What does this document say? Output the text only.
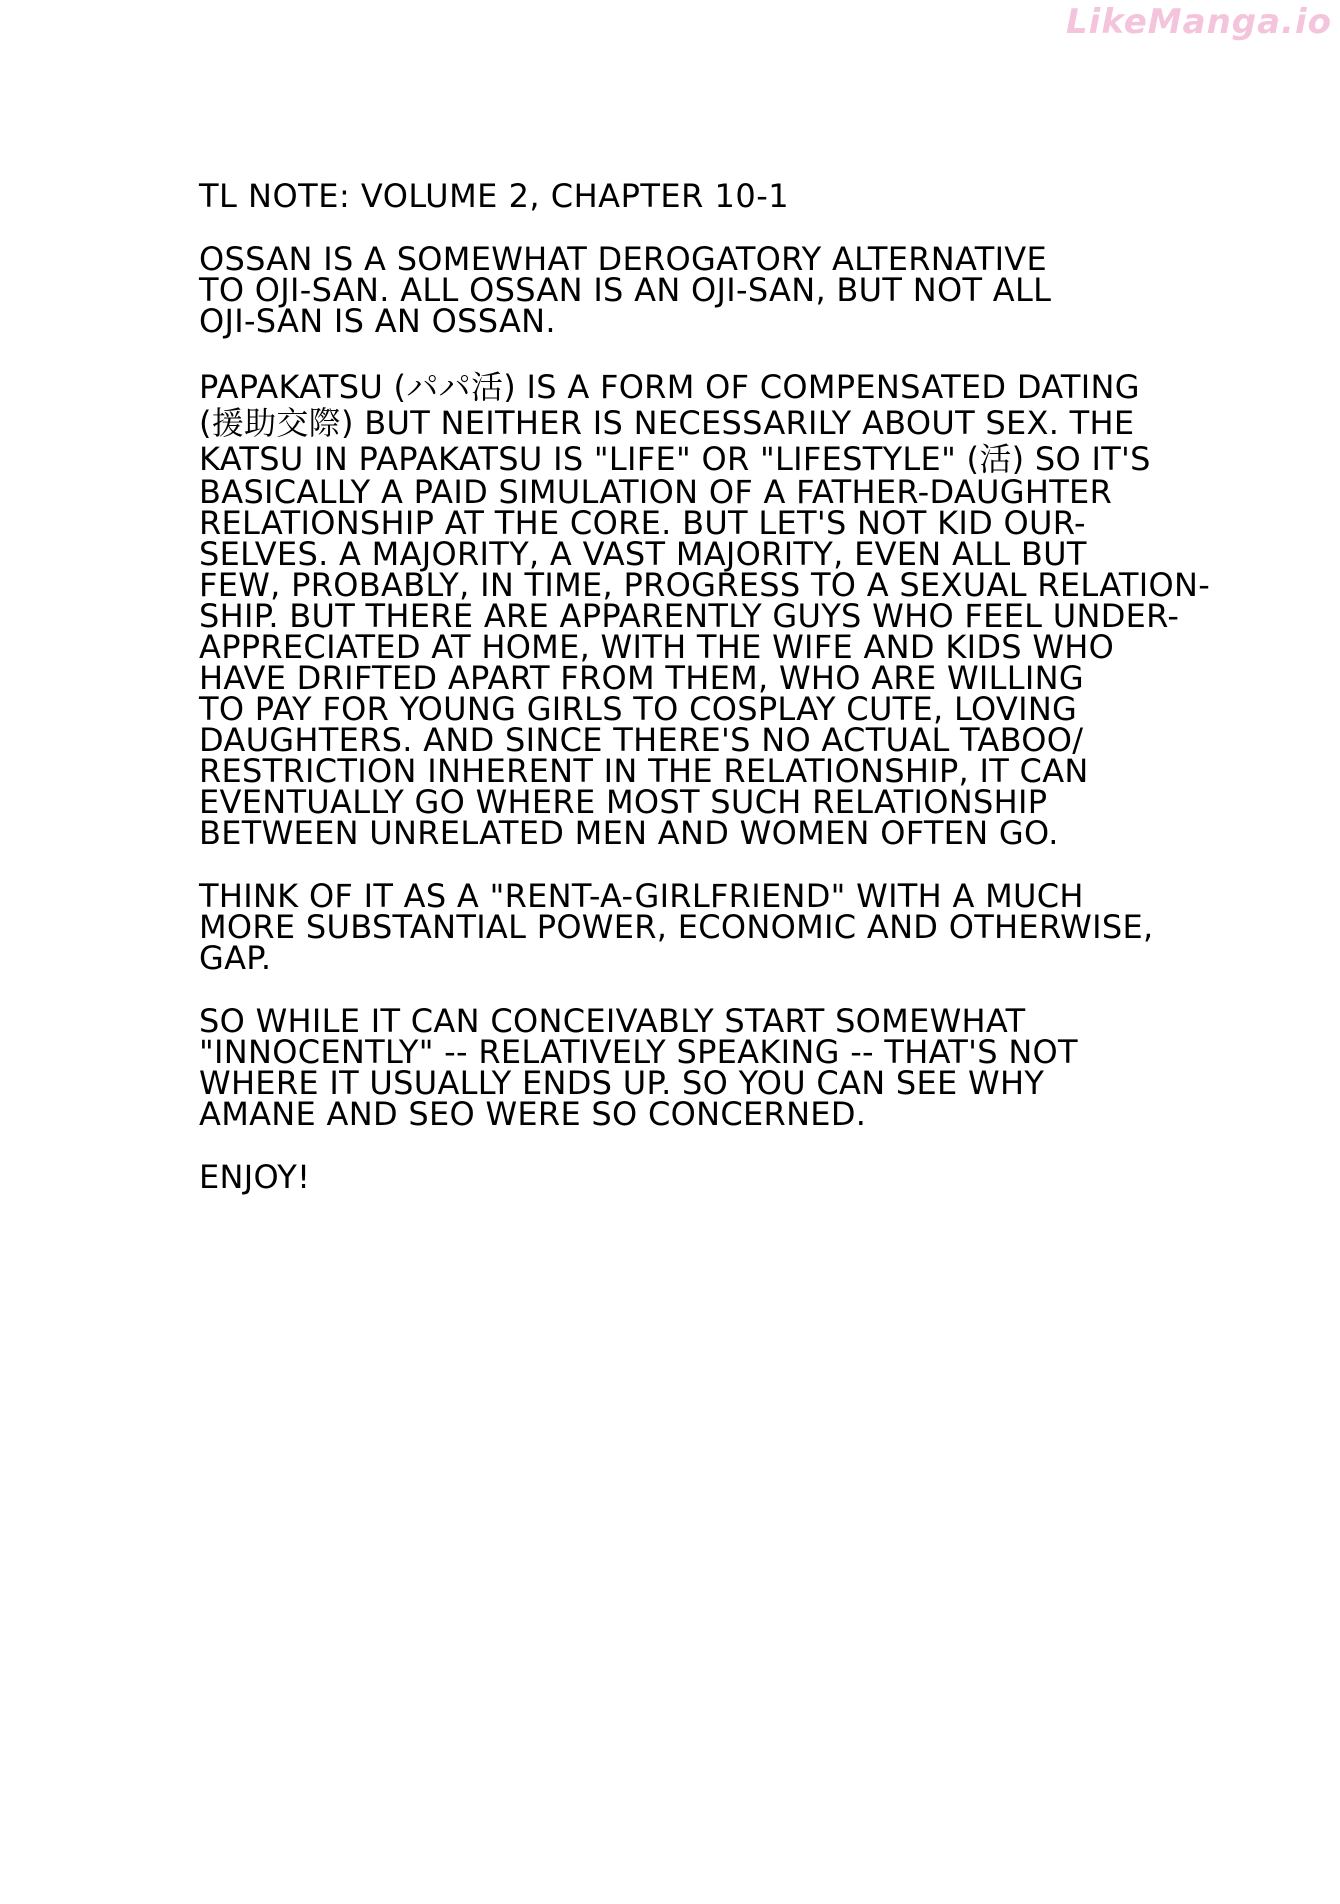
LikeManga.io
TL NOTE: VOLUME 2, CHAPTER 10-1
OSSAN IS A SOMEWHAT DEROGATORY ALTERNATIVE
TO OJI-SAN. ALL OSSAN IS AN OJI-SAN, BUT NOT ALL
OJI-SAN IS AN OSSAN.
PAPAKATSU (パパ活) IS A FORM OF COMPENSATED DATING
(援助交際) BUT NEITHER IS NECESSARILY ABOUT SEX. THE
KATSU IN PAPAKATSU IS "LIFE" OR "LIFESTYLE" (活) SO IT'S
BASICALLY A PAID SIMULATION OF A FATHER-DAUGHTER
RELATIONSHIP AT THE CORE. BUT LET'S NOT KID OUR-
SELVES. A MAJORITY, A VAST MAJORITY, EVEN ALL BUT
FEW, PROBABLY, IN TIME, PROGRESS TO A SEXUAL RELATION-
SHIP. BUT THERE ARE APPARENTLY GUYS WHO FEEL UNDER-
APPRECIATED AT HOME, WITH THE WIFE AND KIDS WHO
HAVE DRIFTED APART FROM THEM, WHO ARE WILLING
TO PAY FOR YOUNG GIRLS TO COSPLAY CUTE, LOVING
DAUGHTERS. AND SINCE THERE'S NO ACTUAL TABOO/
RESTRICTION INHERENT IN THE RELATIONSHIP, IT CAN
EVENTUALLY GO WHERE MOST SUCH RELATIONSHIP
BETWEEN UNRELATED MEN AND WOMEN OFTEN GO.
THINK OF IT AS A "RENT-A-GIRLFRIEND" WITH A MUCH
MORE SUBSTANTIAL POWER, ECONOMIC AND OTHERWISE,
GAP.
SO WHILE IT CAN CONCEIVABLY START SOMEWHAT
"INNOCENTLY" -- RELATIVELY SPEAKING -- THAT'S NOT
WHERE IT USUALLY ENDS UP. SO YOU CAN SEE WHY
AMANE AND SEO WERE SO CONCERNED.
ENJOY!
